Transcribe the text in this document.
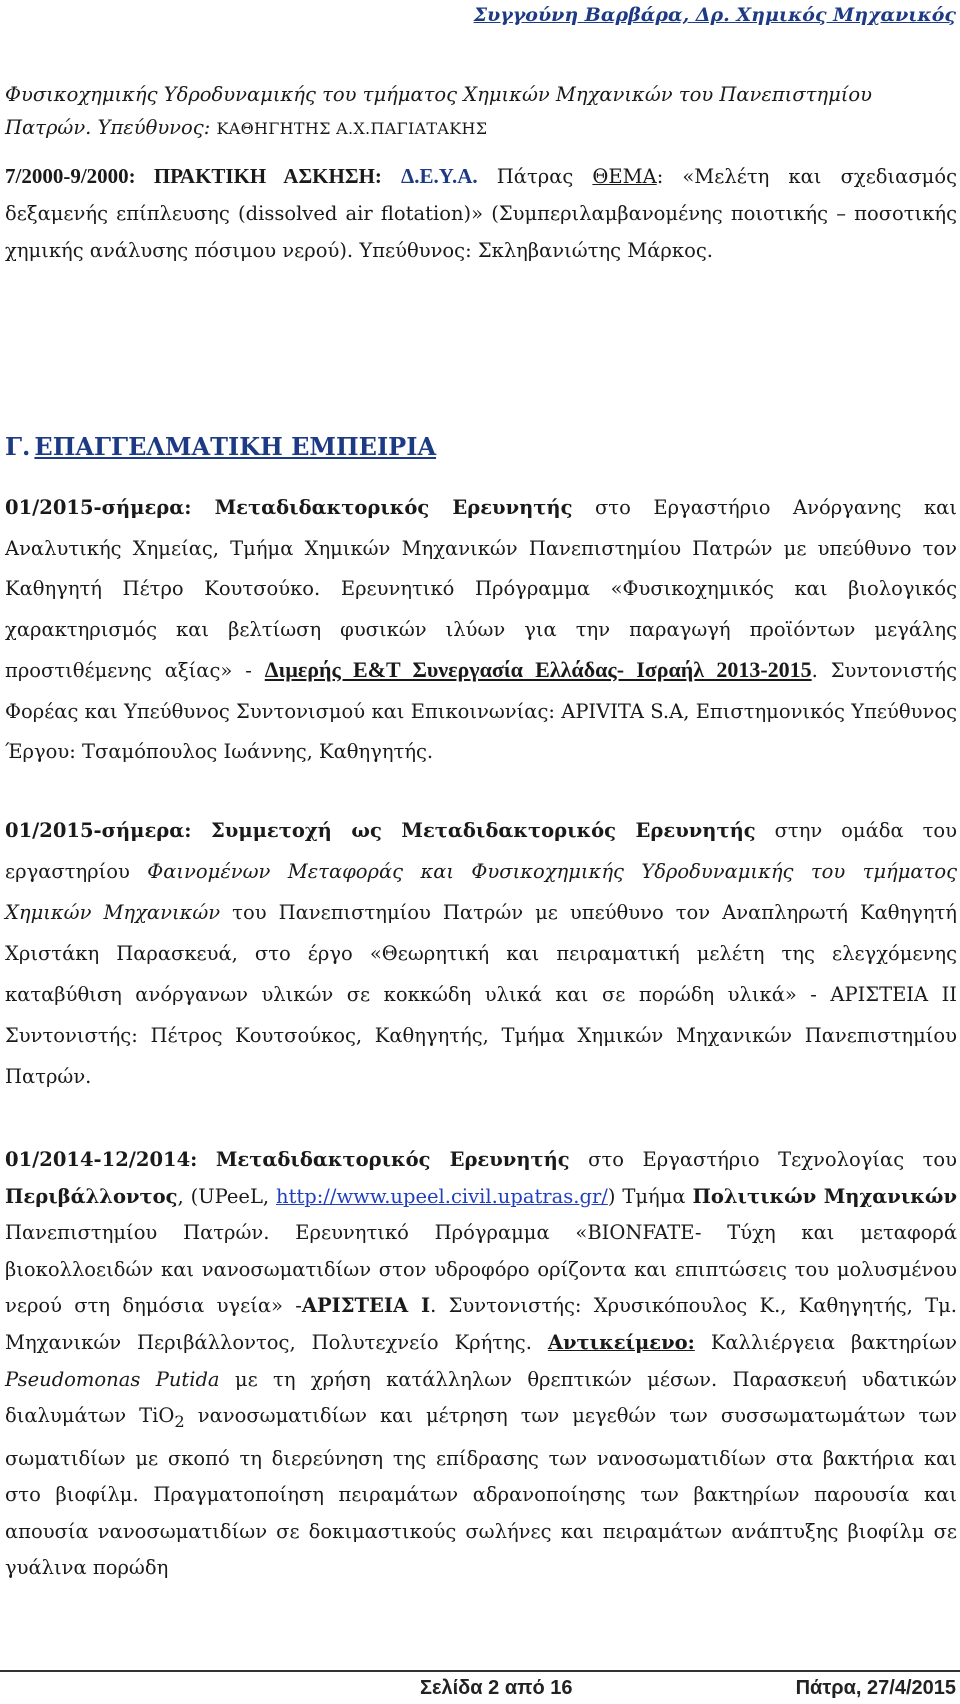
Συγγούνη Βαρβάρα, Δρ. Χημικός Μηχανικός

Φυσικοχημικής Υδροδυναμικής του τμήματος Χημικών Μηχανικών του Πανεπιστημίου
Πατρών. Υπεύθυνος: ΚΑΘΗΓΗΤΗΣ Α.Χ.ΠΑΓΙΑΤΑΚΗΣ

7/2000-9/2000: ΠΡΑΚΤΙΚΗ ΑΣΚΗΣΗ: Δ.Ε.Υ.Α. Πάτρας ΘΕΜΑ: «Μελέτη και σχεδιασμός δεξαμενής επίπλευσης (dissolved air flotation)» (Συμπεριλαμβανομένης ποιοτικής – ποσοτικής χημικής ανάλυσης πόσιμου νερού). Υπεύθυνος: Σκληβανιώτης Μάρκος.

Γ. ΕΠΑΓΓΕΛΜΑΤΙΚΗ ΕΜΠΕΙΡΙΑ

01/2015-σήμερα: Μεταδιδακτορικός Ερευνητής στο Εργαστήριο Ανόργανης και Αναλυτικής Χημείας, Τμήμα Χημικών Μηχανικών Πανεπιστημίου Πατρών με υπεύθυνο τον Καθηγητή Πέτρο Κουτσούκο. Ερευνητικό Πρόγραμμα «Φυσικοχημικός και βιολογικός χαρακτηρισμός και βελτίωση φυσικών ιλύων για την παραγωγή προϊόντων μεγάλης προστιθέμενης αξίας» - Διμερής Ε&Τ Συνεργασία Ελλάδας- Ισραήλ 2013-2015. Συντονιστής Φορέας και Υπεύθυνος Συντονισμού και Επικοινωνίας: APIVITA S.A, Επιστημονικός Υπεύθυνος Έργου: Τσαμόπουλος Ιωάννης, Καθηγητής.

01/2015-σήμερα: Συμμετοχή ως Μεταδιδακτορικός Ερευνητής στην ομάδα του εργαστηρίου Φαινομένων Μεταφοράς και Φυσικοχημικής Υδροδυναμικής του τμήματος Χημικών Μηχανικών του Πανεπιστημίου Πατρών με υπεύθυνο τον Αναπληρωτή Καθηγητή Χριστάκη Παρασκευά, στο έργο «Θεωρητική και πειραματική μελέτη της ελεγχόμενης καταβύθιση ανόργανων υλικών σε κοκκώδη υλικά και σε πορώδη υλικά» - ΑΡΙΣΤΕΙΑ ΙΙ Συντονιστής: Πέτρος Κουτσούκος, Καθηγητής, Τμήμα Χημικών Μηχανικών Πανεπιστημίου Πατρών.

01/2014-12/2014: Μεταδιδακτορικός Ερευνητής στο Εργαστήριο Τεχνολογίας του Περιβάλλοντος, (UPeeL, http://www.upeel.civil.upatras.gr/) Τμήμα Πολιτικών Μηχανικών Πανεπιστημίου Πατρών. Ερευνητικό Πρόγραμμα «BIONFATE- Τύχη και μεταφορά βιοκολλοειδών και νανοσωματιδίων στον υδροφόρο ορίζοντα και επιπτώσεις του μολυσμένου νερού στη δημόσια υγεία» -ΑΡΙΣΤΕΙΑ Ι. Συντονιστής: Χρυσικόπουλος Κ., Καθηγητής, Τμ. Μηχανικών Περιβάλλοντος, Πολυτεχνείο Κρήτης. Αντικείμενο: Καλλιέργεια βακτηρίων Pseudomonas Putida με τη χρήση κατάλληλων θρεπτικών μέσων. Παρασκευή υδατικών διαλυμάτων TiO$_2$ νανοσωματιδίων και μέτρηση των μεγεθών των συσσωματωμάτων των σωματιδίων με σκοπό τη διερεύνηση της επίδρασης των νανοσωματιδίων στα βακτήρια και στο βιοφίλμ. Πραγματοποίηση πειραμάτων αδρανοποίησης των βακτηρίων παρουσία και απουσία νανοσωματιδίων σε δοκιμαστικούς σωλήνες και πειραμάτων ανάπτυξης βιοφίλμ σε γυάλινα πορώδη

Σελίδα 2 από 16	Πάτρα, 27/4/2015
